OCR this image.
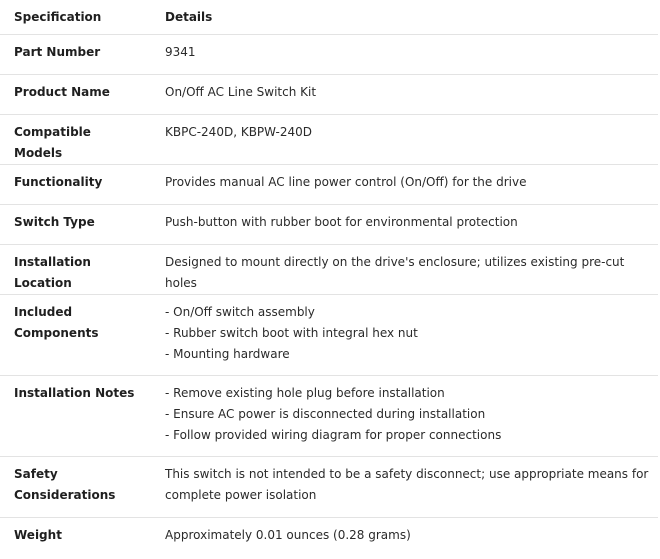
Specification	Details
Part Number	9341
Product Name	On/Off AC Line Switch Kit
Compatible Models	KBPC-240D, KBPW-240D
Functionality	Provides manual AC line power control (On/Off) for the drive
Switch Type	Push-button with rubber boot for environmental protection
Installation Location	Designed to mount directly on the drive's enclosure; utilizes existing pre-cut holes
Included Components	- On/Off switch assembly
- Rubber switch boot with integral hex nut
- Mounting hardware

Installation Notes	- Remove existing hole plug before installation
- Ensure AC power is disconnected during installation
- Follow provided wiring diagram for proper connections

Safety Considerations	This switch is not intended to be a safety disconnect; use appropriate means for complete power isolation
Weight	Approximately 0.01 ounces (0.28 grams)
